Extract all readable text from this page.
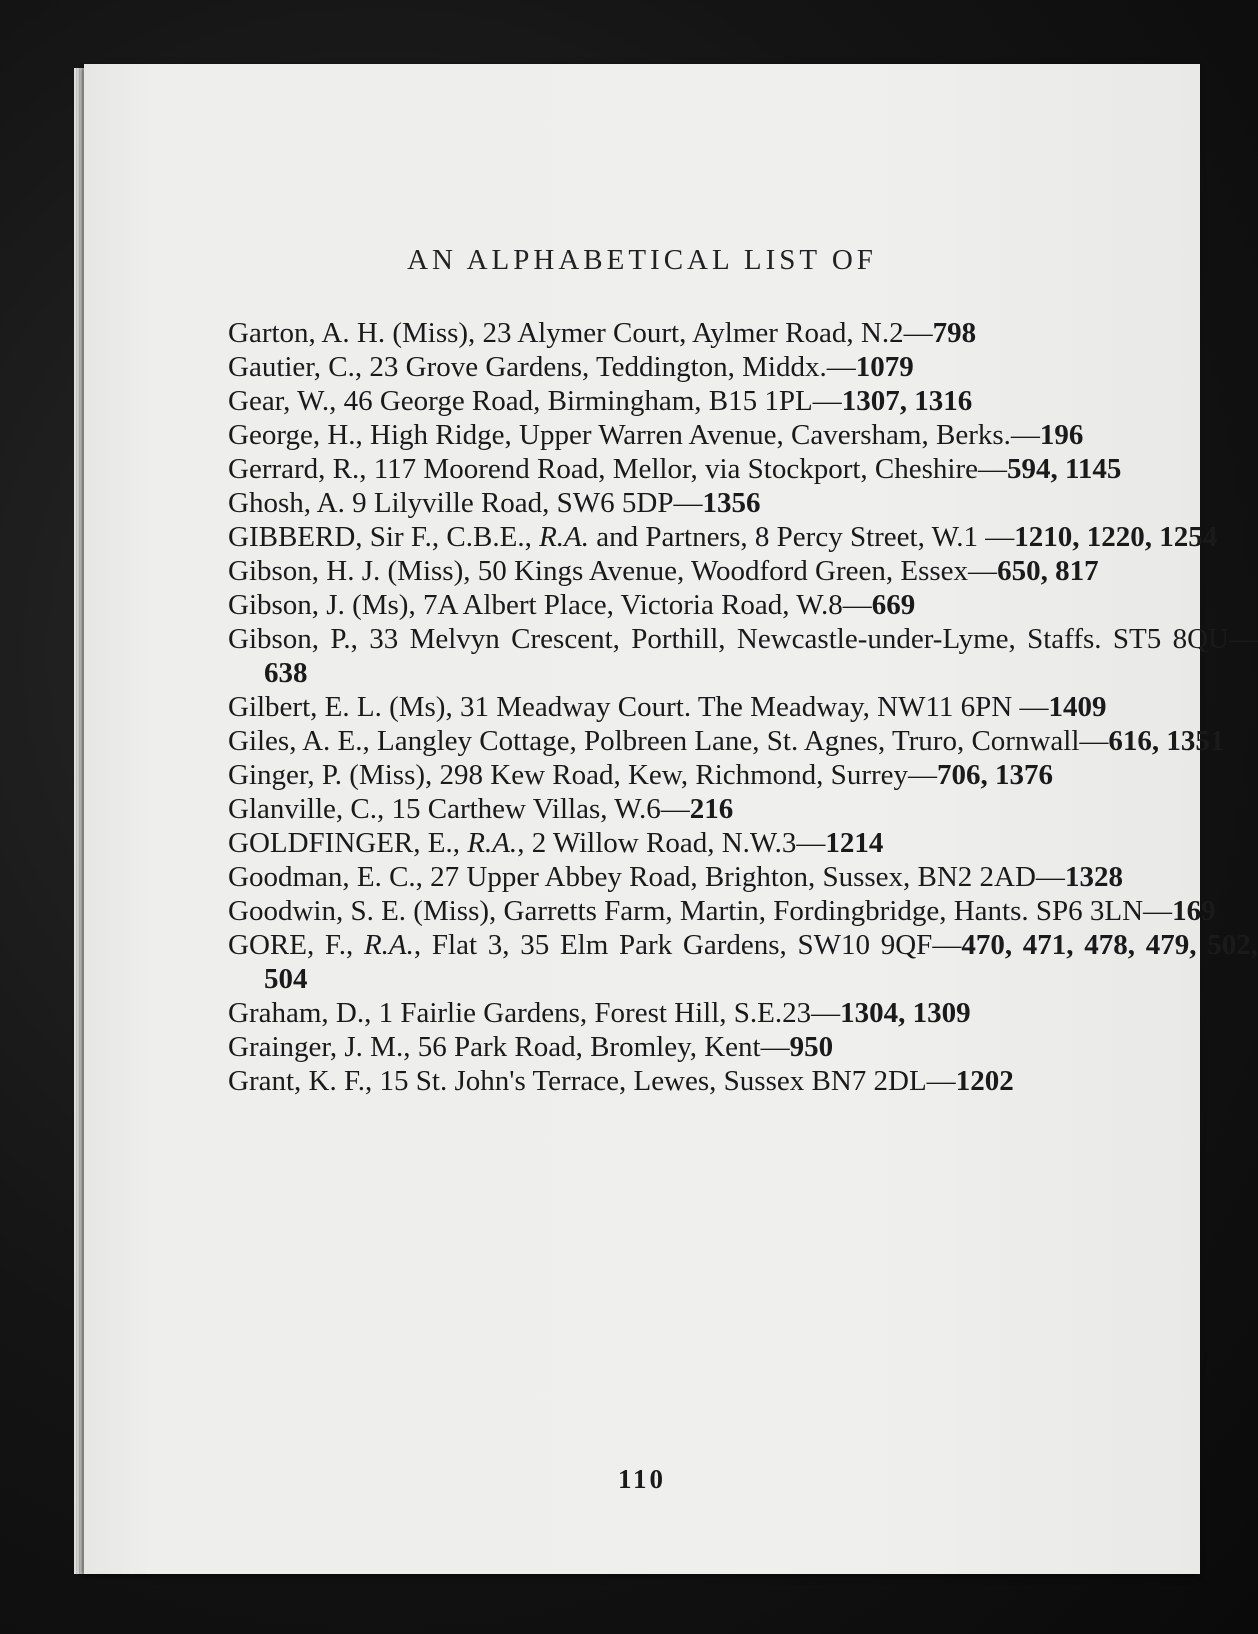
AN ALPHABETICAL LIST OF
Garton, A. H. (Miss), 23 Alymer Court, Aylmer Road, N.2—798
Gautier, C., 23 Grove Gardens, Teddington, Middx.—1079
Gear, W., 46 George Road, Birmingham, B15 1PL—1307, 1316
George, H., High Ridge, Upper Warren Avenue, Caversham, Berks.—196
Gerrard, R., 117 Moorend Road, Mellor, via Stockport, Cheshire—594, 1145
Ghosh, A. 9 Lilyville Road, SW6 5DP—1356
GIBBERD, Sir F., C.B.E., R.A. and Partners, 8 Percy Street, W.1 —1210, 1220, 1254
Gibson, H. J. (Miss), 50 Kings Avenue, Woodford Green, Essex—650, 817
Gibson, J. (Ms), 7A Albert Place, Victoria Road, W.8—669
Gibson, P., 33 Melvyn Crescent, Porthill, Newcastle-under-Lyme, Staffs. ST5 8QU—638
Gilbert, E. L. (Ms), 31 Meadway Court. The Meadway, NW11 6PN —1409
Giles, A. E., Langley Cottage, Polbreen Lane, St. Agnes, Truro, Cornwall—616, 1351
Ginger, P. (Miss), 298 Kew Road, Kew, Richmond, Surrey—706, 1376
Glanville, C., 15 Carthew Villas, W.6—216
GOLDFINGER, E., R.A., 2 Willow Road, N.W.3—1214
Goodman, E. C., 27 Upper Abbey Road, Brighton, Sussex, BN2 2AD—1328
Goodwin, S. E. (Miss), Garretts Farm, Martin, Fordingbridge, Hants. SP6 3LN—169
GORE, F., R.A., Flat 3, 35 Elm Park Gardens, SW10 9QF—470, 471, 478, 479, 502, 504
Graham, D., 1 Fairlie Gardens, Forest Hill, S.E.23—1304, 1309
Grainger, J. M., 56 Park Road, Bromley, Kent—950
Grant, K. F., 15 St. John's Terrace, Lewes, Sussex BN7 2DL—1202
110
